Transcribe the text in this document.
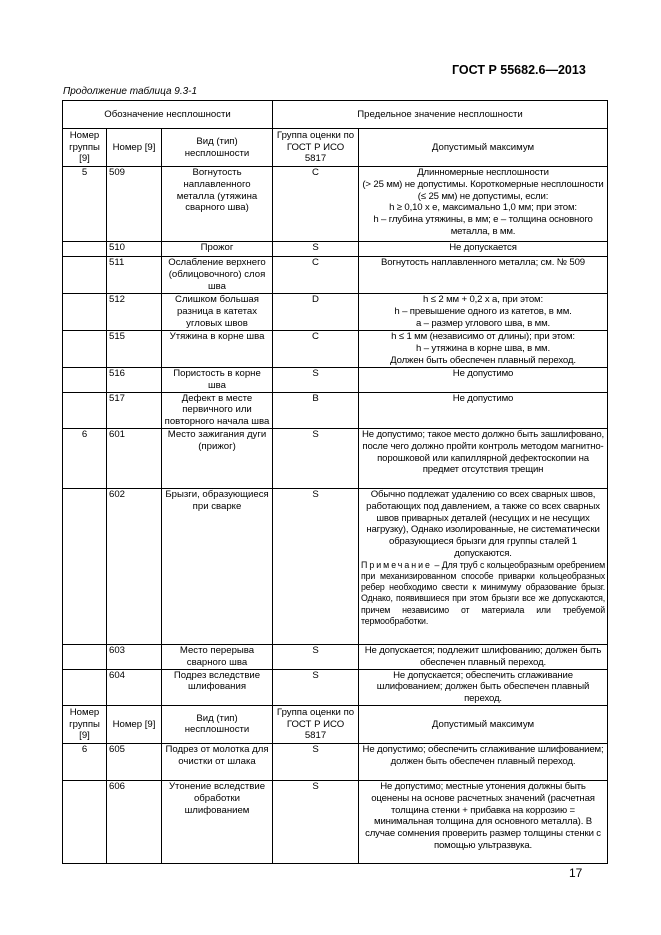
ГОСТ Р 55682.6—2013
Продолжение таблица 9.3-1
Обозначение несплошности			Предельное значение несплошности	
Номер группы [9]	Номер [9]	Вид (тип) несплошности	Группа оценки по ГОСТ Р ИСО 5817	Допустимый максимум
5	509	Вогнутость наплавленного металла (утяжина сварного шва)	C	Длинномерные несплошности
(> 25 мм) не допустимы. Короткомерные несплошности (≤ 25 мм) не допустимы, если:
h ≥ 0,10 x e, максимально 1,0 мм; при этом:
h – глубина утяжины, в мм; e – толщина основного металла, в мм.

	510	Прожог	S	Не допускается

	511	Ослабление верхнего (облицовочного) слоя шва	C	Вогнутость наплавленного металла; см. № 509

	512	Слишком большая разница в катетах угловых швов	D	h ≤ 2 мм + 0,2 x a, при этом:
h – превышение одного из катетов, в мм.
a – размер углового шва, в мм.

	515	Утяжина в корне шва	C	h ≤ 1 мм (независимо от длины); при этом:
h – утяжина в корне шва, в мм.
Должен быть обеспечен плавный переход.

	516	Пористость в корне шва	S	Не допустимо

	517	Дефект в месте первичного или повторного начала шва	B	Не допустимо

6	601	Место зажигания дуги (прижог)	S	Не допустимо; такое место должно быть зашлифовано, после чего должно пройти контроль методом магнитно-порошковой или капиллярной дефектоскопии на предмет отсутствия трещин

	602	Брызги, образующиеся при сварке	S	Обычно подлежат удалению со всех сварных швов, работающих под давлением, а также со всех сварных швов приварных деталей (несущих и не несущих нагрузку), Однако изолированные, не систематически образующиеся брызги для группы сталей 1 допускаются.
Примечание – Для труб с кольцеобразным оребрением при механизированном способе приварки кольцеобразных ребер необходимо свести к минимуму образование брызг. Однако, появившиеся при этом брызги все же допускаются, причем независимо от материала или требуемой термообработки.

	603	Место перерыва сварного шва	S	Не допускается; подлежит шлифованию; должен быть обеспечен плавный переход.

	604	Подрез вследствие шлифования	S	Не допускается; обеспечить сглаживание шлифованием; должен быть обеспечен плавный переход.

Номер группы [9]	Номер [9]	Вид (тип) несплошности	Группа оценки по ГОСТ Р ИСО 5817	Допустимый максимум
6	605	Подрез от молотка для очистки от шлака	S	Не допустимо; обеспечить сглаживание шлифованием; должен быть обеспечен плавный переход.

	606	Утонение вследствие обработки шлифованием	S	Не допустимо; местные утонения должны быть оценены на основе расчетных значений (расчетная толщина стенки + прибавка на коррозию = минимальная толщина для основного металла). В случае сомнения проверить размер толщины стенки с помощью ультразвука.
17
